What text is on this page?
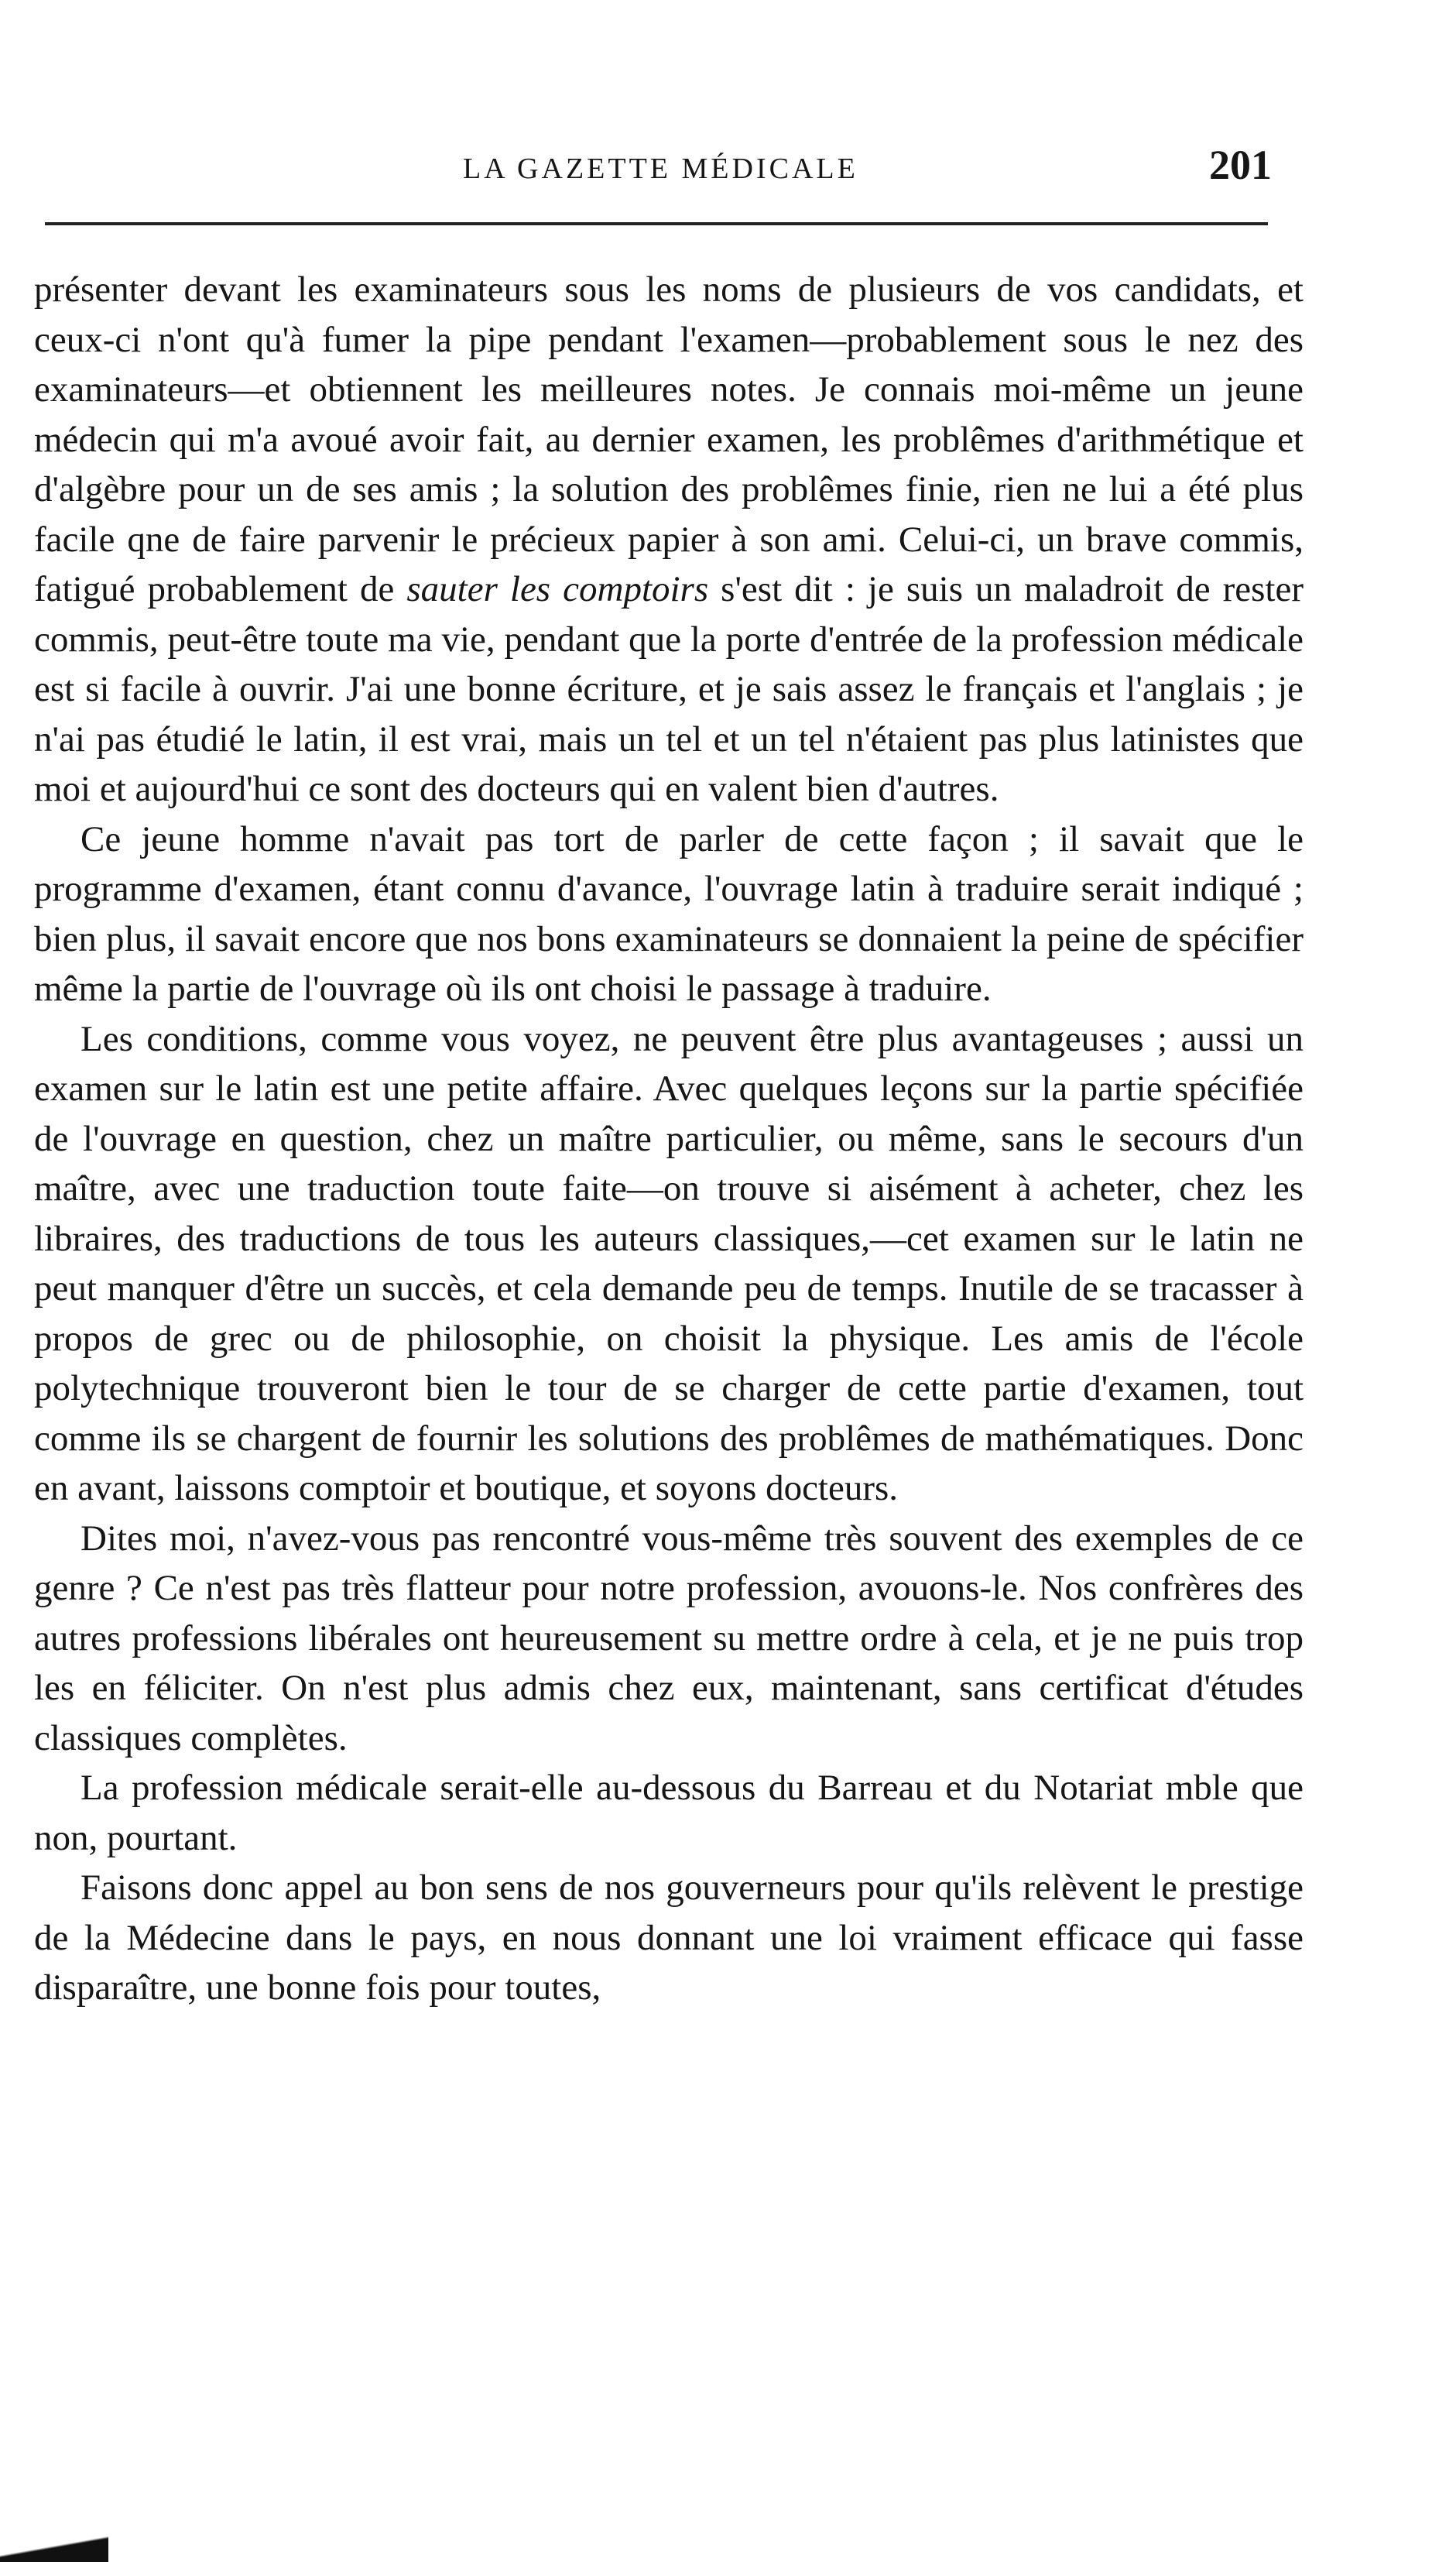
LA GAZETTE MÉDICALE	201

présenter devant les examinateurs sous les noms de plusieurs de vos candidats, et ceux-ci n'ont qu'à fumer la pipe pendant l'examen—probablement sous le nez des examinateurs—et obtiennent les meilleures notes. Je connais moi-même un jeune médecin qui m'a avoué avoir fait, au dernier examen, les problêmes d'arithmétique et d'algèbre pour un de ses amis ; la solution des problêmes finie, rien ne lui a été plus facile qne de faire parvenir le précieux papier à son ami. Celui-ci, un brave commis, fatigué probablement de sauter les comptoirs s'est dit : je suis un maladroit de rester commis, peut-être toute ma vie, pendant que la porte d'entrée de la profession médicale est si facile à ouvrir. J'ai une bonne écriture, et je sais assez le français et l'anglais ; je n'ai pas étudié le latin, il est vrai, mais un tel et un tel n'étaient pas plus latinistes que moi et aujourd'hui ce sont des docteurs qui en valent bien d'autres.

Ce jeune homme n'avait pas tort de parler de cette façon ; il savait que le programme d'examen, étant connu d'avance, l'ouvrage latin à traduire serait indiqué ; bien plus, il savait encore que nos bons examinateurs se donnaient la peine de spécifier même la partie de l'ouvrage où ils ont choisi le passage à traduire.

Les conditions, comme vous voyez, ne peuvent être plus avantageuses ; aussi un examen sur le latin est une petite affaire. Avec quelques leçons sur la partie spécifiée de l'ouvrage en question, chez un maître particulier, ou même, sans le secours d'un maître, avec une traduction toute faite—on trouve si aisément à acheter, chez les libraires, des traductions de tous les auteurs classiques,—cet examen sur le latin ne peut manquer d'être un succès, et cela demande peu de temps. Inutile de se tracasser à propos de grec ou de philosophie, on choisit la physique. Les amis de l'école polytechnique trouveront bien le tour de se charger de cette partie d'examen, tout comme ils se chargent de fournir les solutions des problêmes de mathématiques. Donc en avant, laissons comptoir et boutique, et soyons docteurs.

Dites moi, n'avez-vous pas rencontré vous-même très souvent des exemples de ce genre ? Ce n'est pas très flatteur pour notre profession, avouons-le. Nos confrères des autres professions libérales ont heureusement su mettre ordre à cela, et je ne puis trop les en féliciter. On n'est plus admis chez eux, maintenant, sans certificat d'études classiques complètes.

La profession médicale serait-elle au-dessous du Barreau et du Notariat mble que non, pourtant.

Faisons donc appel au bon sens de nos gouverneurs pour qu'ils relèvent le prestige de la Médecine dans le pays, en nous donnant une loi vraiment efficace qui fasse disparaître, une bonne fois pour toutes,
